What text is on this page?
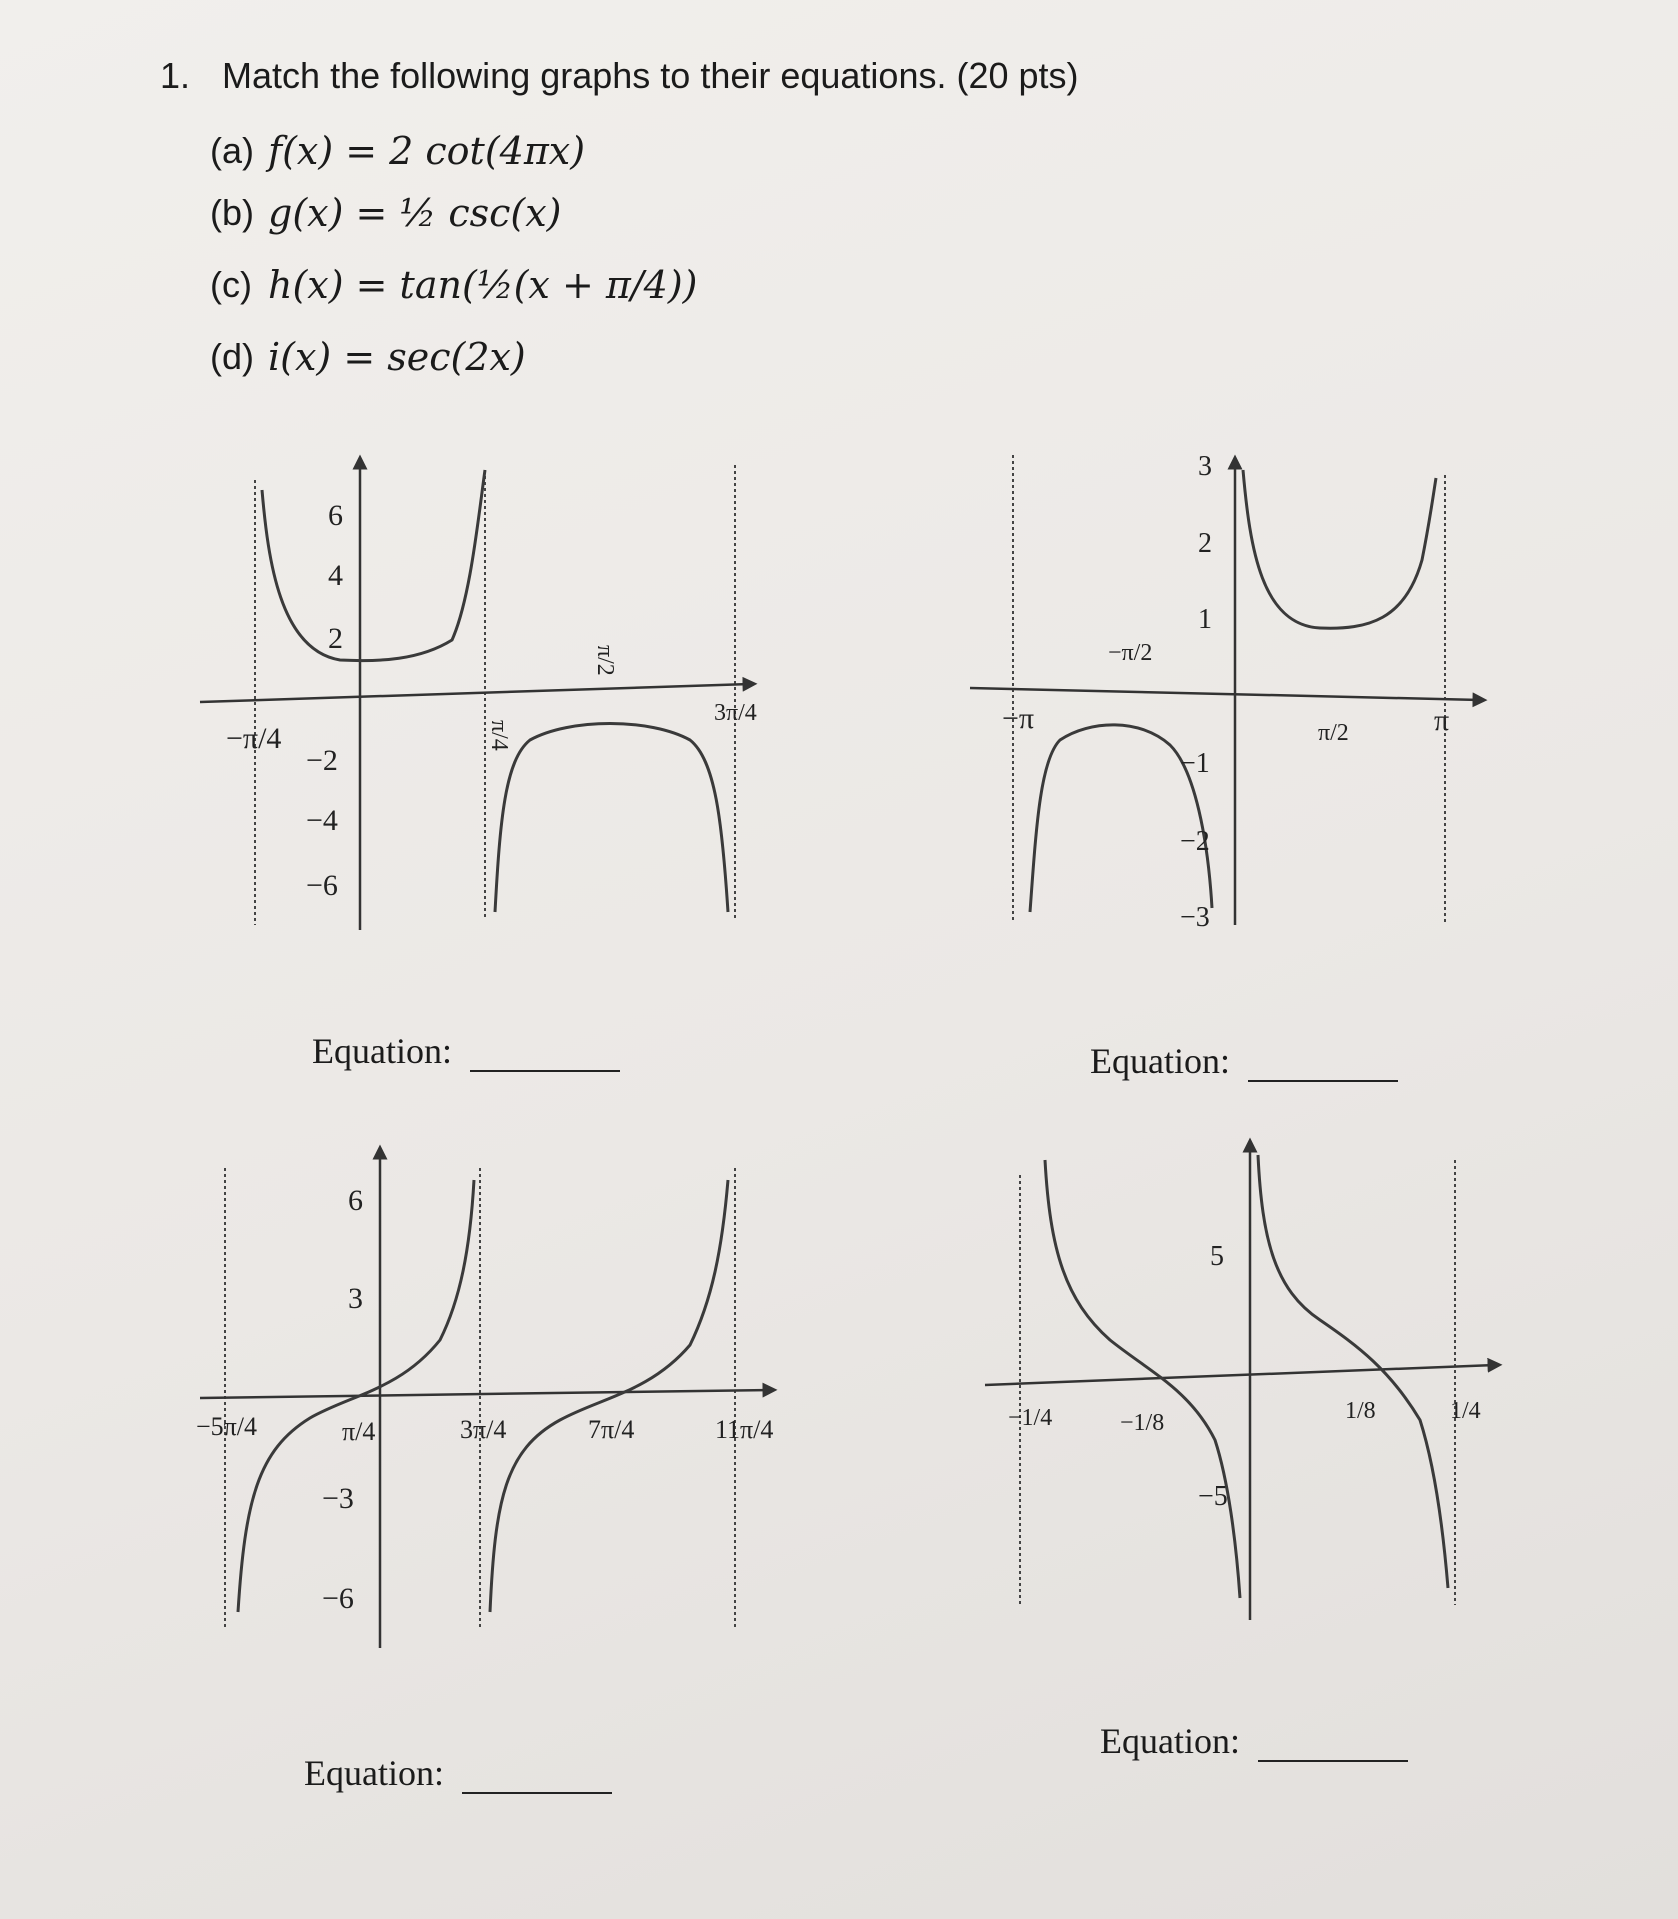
1. Match the following graphs to their equations. (20 pts)
(a) f(x) = 2 cot(4πx)
(b) g(x) = ½ csc(x)
(c) h(x) = tan(½(x + π/4))
(d) i(x) = sec(2x)
−π/4	π/4
π/2
3π/4
6
4
2
−2
−4
−6
−π
−π/2
π/2	π
3
2
1
−1
−2
−3
−5π/4	π/4	3π/4	7π/4	11π/4
6
3
−3
−6
−1/4	−1/8	1/8	1/4
5
−5
Equation:	Equation:
Equation:
Equation:
